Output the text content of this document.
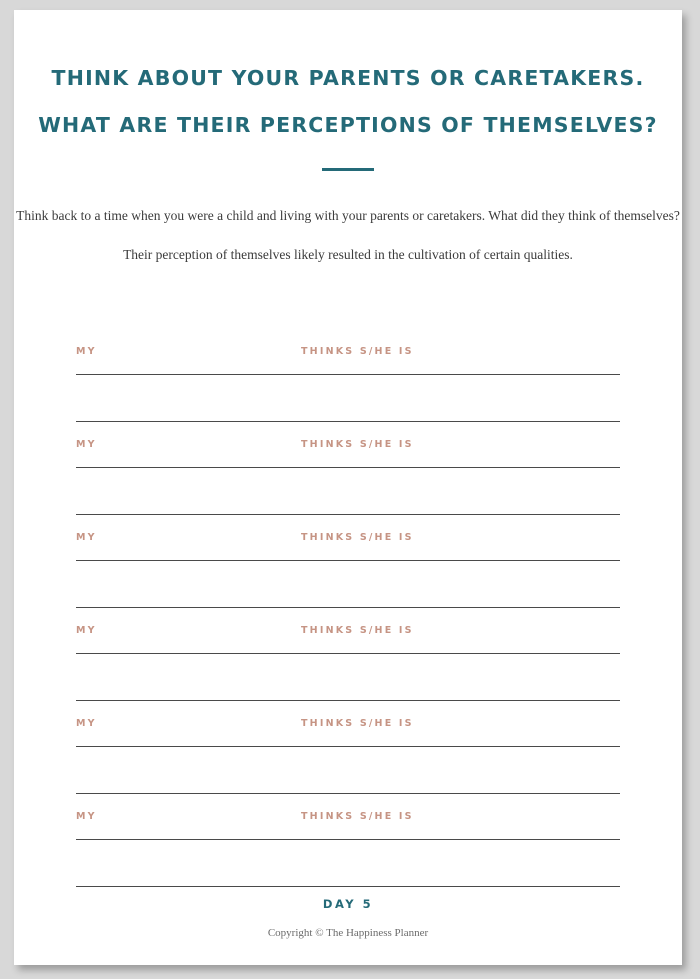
THINK ABOUT YOUR PARENTS OR CARETAKERS.
WHAT ARE THEIR PERCEPTIONS OF THEMSELVES?

Think back to a time when you were a child and living with your parents or caretakers. What did they think of themselves?

Their perception of themselves likely resulted in the cultivation of certain qualities.

MY	THINKS S/HE IS
MY	THINKS S/HE IS
MY	THINKS S/HE IS
MY	THINKS S/HE IS
MY	THINKS S/HE IS
MY	THINKS S/HE IS
DAY 5
Copyright © The Happiness Planner
